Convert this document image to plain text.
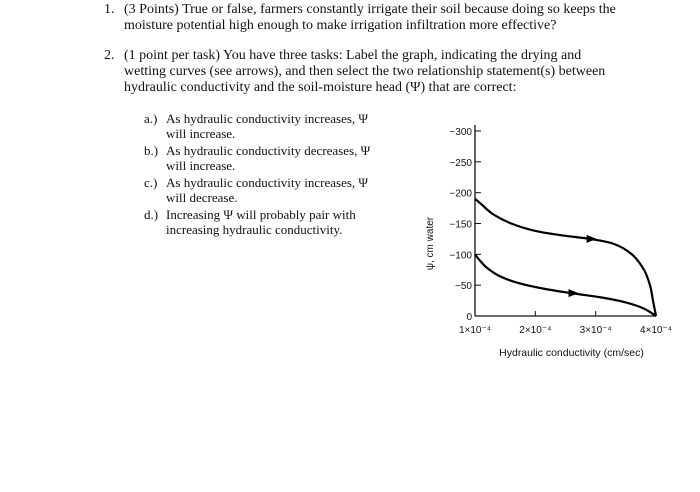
1. (3 Points) True or false, farmers constantly irrigate their soil because doing so keeps the
moisture potential high enough to make irrigation infiltration more effective?
2. (1 point per task) You have three tasks: Label the graph, indicating the drying and
wetting curves (see arrows), and then select the two relationship statement(s) between
hydraulic conductivity and the soil-moisture head (Ψ) that are correct:
a.) As hydraulic conductivity increases, Ψ
will increase.
b.) As hydraulic conductivity decreases, Ψ
will increase.
c.) As hydraulic conductivity increases, Ψ
will decrease.
d.) Increasing Ψ will probably pair with
increasing hydraulic conductivity.
0
−50
−100
−150
−200
−250
−300
1×10⁻⁴	2×10⁻⁴	3×10⁻⁴	4×10⁻⁴
Hydraulic conductivity (cm/sec)
ψ, cm water
